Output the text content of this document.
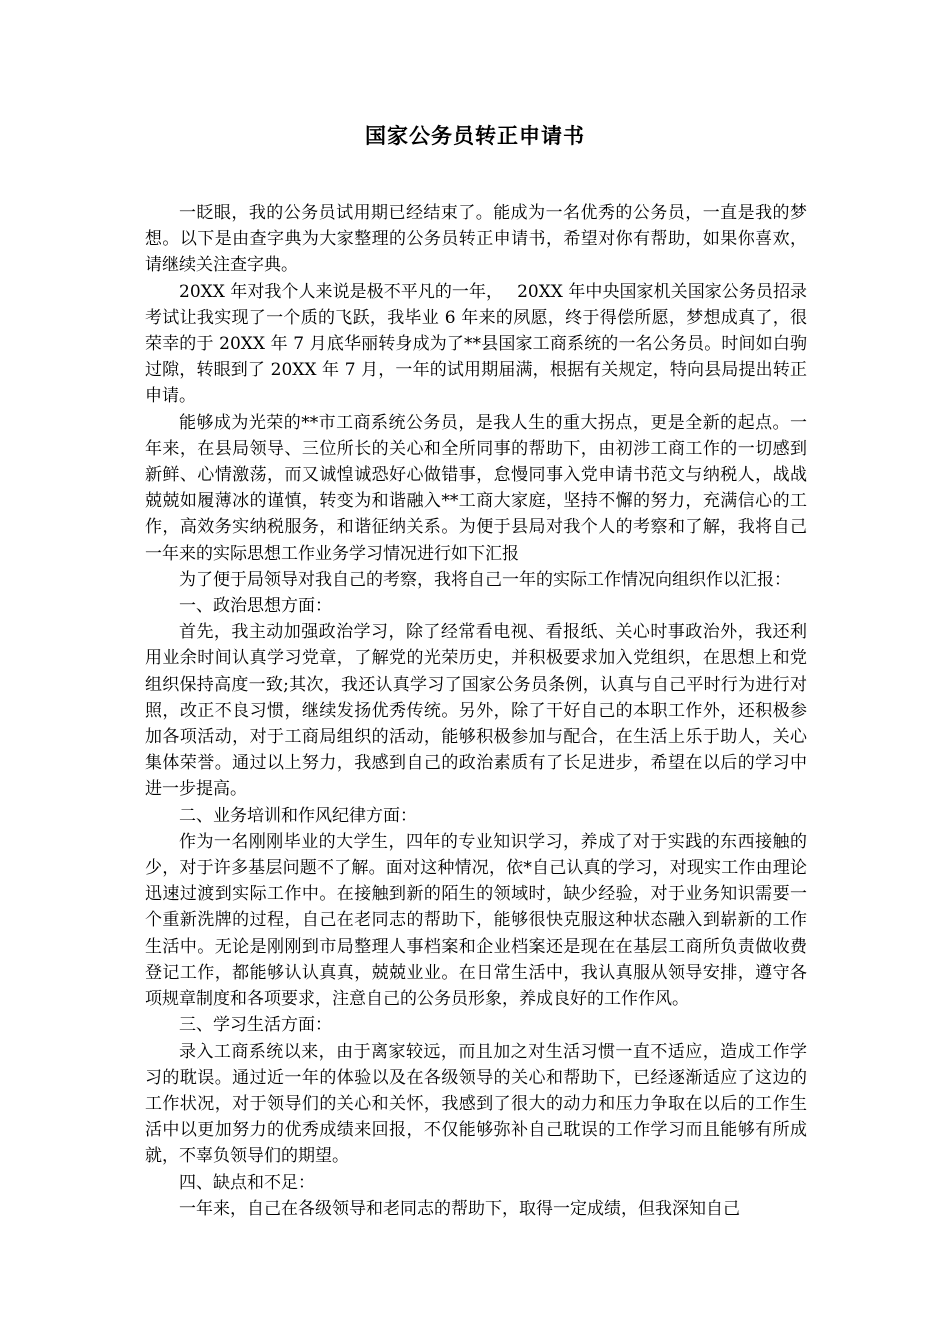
国家公务员转正申请书

一眨眼，我的公务员试用期已经结束了。能成为一名优秀的公务员，一直是我的梦想。以下是由查字典为大家整理的公务员转正申请书，希望对你有帮助，如果你喜欢，请继续关注查字典。

20XX 年对我个人来说是极不平凡的一年，　 20XX 年中央国家机关国家公务员招录考试让我实现了一个质的飞跃，我毕业 6 年来的夙愿，终于得偿所愿，梦想成真了，很荣幸的于 20XX 年 7 月底华丽转身成为了**县国家工商系统的一名公务员。时间如白驹过隙，转眼到了 20XX 年 7 月，一年的试用期届满，根据有关规定，特向县局提出转正申请。

能够成为光荣的**市工商系统公务员，是我人生的重大拐点，更是全新的起点。一年来，在县局领导、三位所长的关心和全所同事的帮助下，由初涉工商工作的一切感到新鲜、心情激荡，而又诚惶诚恐好心做错事，怠慢同事入党申请书范文与纳税人，战战兢兢如履薄冰的谨慎，转变为和谐融入**工商大家庭，坚持不懈的努力，充满信心的工作，高效务实纳税服务，和谐征纳关系。为便于县局对我个人的考察和了解，我将自己一年来的实际思想工作业务学习情况进行如下汇报

为了便于局领导对我自己的考察，我将自己一年的实际工作情况向组织作以汇报：

一、政治思想方面：

首先，我主动加强政治学习，除了经常看电视、看报纸、关心时事政治外，我还利用业余时间认真学习党章，了解党的光荣历史，并积极要求加入党组织，在思想上和党组织保持高度一致;其次，我还认真学习了国家公务员条例，认真与自己平时行为进行对照，改正不良习惯，继续发扬优秀传统。另外，除了干好自己的本职工作外，还积极参加各项活动，对于工商局组织的活动，能够积极参加与配合，在生活上乐于助人，关心集体荣誉。通过以上努力，我感到自己的政治素质有了长足进步，希望在以后的学习中进一步提高。

二、业务培训和作风纪律方面：

作为一名刚刚毕业的大学生，四年的专业知识学习，养成了对于实践的东西接触的少，对于许多基层问题不了解。面对这种情况，依*自己认真的学习，对现实工作由理论迅速过渡到实际工作中。在接触到新的陌生的领域时，缺少经验，对于业务知识需要一个重新洗牌的过程，自己在老同志的帮助下，能够很快克服这种状态融入到崭新的工作生活中。无论是刚刚到市局整理人事档案和企业档案还是现在在基层工商所负责做收费登记工作，都能够认认真真，兢兢业业。在日常生活中，我认真服从领导安排，遵守各项规章制度和各项要求，注意自己的公务员形象，养成良好的工作作风。

三、学习生活方面：

录入工商系统以来，由于离家较远，而且加之对生活习惯一直不适应，造成工作学习的耽误。通过近一年的体验以及在各级领导的关心和帮助下，已经逐渐适应了这边的工作状况，对于领导们的关心和关怀，我感到了很大的动力和压力争取在以后的工作生活中以更加努力的优秀成绩来回报，不仅能够弥补自己耽误的工作学习而且能够有所成就，不辜负领导们的期望。

四、缺点和不足：

一年来，自己在各级领导和老同志的帮助下，取得一定成绩，但我深知自己
